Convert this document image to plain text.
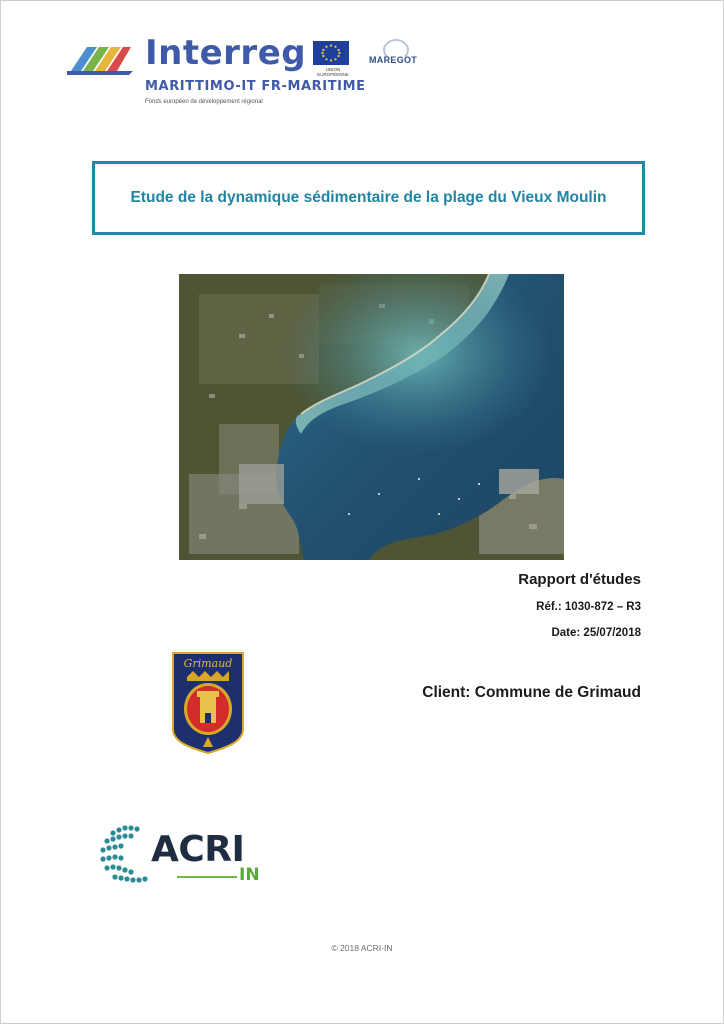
Interreg	UNION EUROPÉENNE
MARITTIMO-IT FR-MARITIME
Fonds européen de développement régional
MAREGOT
Etude de la dynamique sédimentaire de la plage du Vieux Moulin
Rapport d'études
Réf.: 1030-872 – R3
Date: 25/07/2018
Client: Commune de Grimaud
Grimaud
ACRI
IN
© 2018 ACRI-IN
